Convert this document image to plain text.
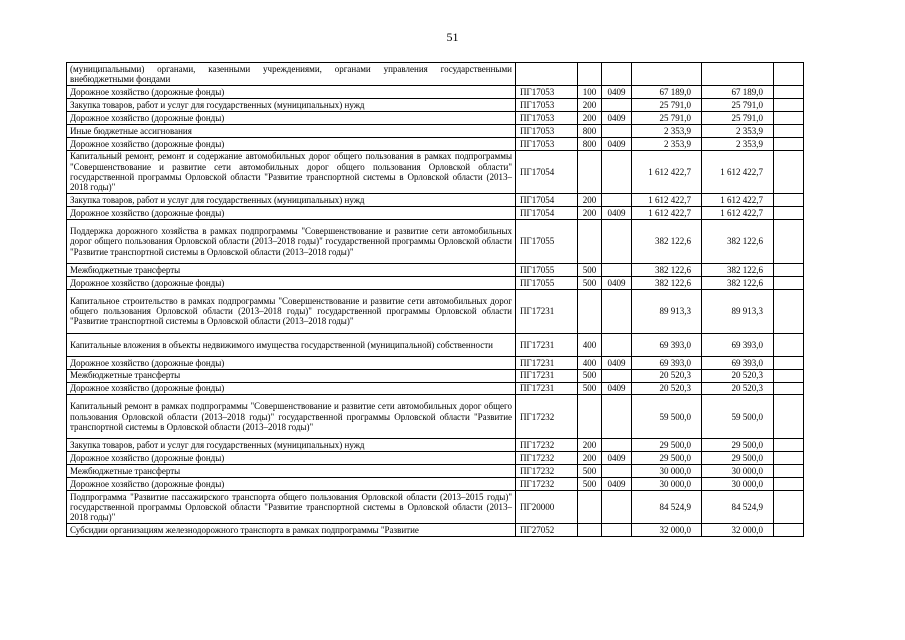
51
(муниципальными) органами, казенными учреждениями, органами управления государственными внебюджетными фондами						
Дорожное хозяйство (дорожные фонды)	ПГ17053	100	0409	67 189,0	67 189,0	
Закупка товаров, работ и услуг для государственных (муниципальных) нужд	ПГ17053	200		25 791,0	25 791,0	
Дорожное хозяйство (дорожные фонды)	ПГ17053	200	0409	25 791,0	25 791,0	
Иные бюджетные ассигнования	ПГ17053	800		2 353,9	2 353,9	
Дорожное хозяйство (дорожные фонды)	ПГ17053	800	0409	2 353,9	2 353,9	
Капитальный ремонт, ремонт и содержание автомобильных дорог общего пользования в рамках подпрограммы "Совершенствование и развитие сети автомобильных дорог общего пользования Орловской области" государственной программы Орловской области "Развитие транспортной системы в Орловской области (2013–2018 годы)"	ПГ17054			1 612 422,7	1 612 422,7	
Закупка товаров, работ и услуг для государственных (муниципальных) нужд	ПГ17054	200		1 612 422,7	1 612 422,7	
Дорожное хозяйство (дорожные фонды)	ПГ17054	200	0409	1 612 422,7	1 612 422,7	
Поддержка дорожного хозяйства в рамках подпрограммы "Совершенствование и развитие сети автомобильных дорог общего пользования Орловской области (2013–2018 годы)" государственной программы Орловской области "Развитие транспортной системы в Орловской области (2013–2018 годы)"	ПГ17055			382 122,6	382 122,6	
Межбюджетные трансферты	ПГ17055	500		382 122,6	382 122,6	
Дорожное хозяйство (дорожные фонды)	ПГ17055	500	0409	382 122,6	382 122,6	
Капитальное строительство в рамках подпрограммы "Совершенствование и развитие сети автомобильных дорог общего пользования Орловской области (2013–2018 годы)" государственной программы Орловской области "Развитие транспортной системы в Орловской области (2013–2018 годы)"	ПГ17231			89 913,3	89 913,3	
Капитальные вложения в объекты недвижимого имущества государственной (муниципальной) собственности	ПГ17231	400		69 393,0	69 393,0	
Дорожное хозяйство (дорожные фонды)	ПГ17231	400	0409	69 393,0	69 393,0	
Межбюджетные трансферты	ПГ17231	500		20 520,3	20 520,3	
Дорожное хозяйство (дорожные фонды)	ПГ17231	500	0409	20 520,3	20 520,3	
Капитальный ремонт в рамках подпрограммы "Совершенствование и развитие сети автомобильных дорог общего пользования Орловской области (2013–2018 годы)" государственной программы Орловской области "Развитие транспортной системы в Орловской области (2013–2018 годы)"	ПГ17232			59 500,0	59 500,0	
Закупка товаров, работ и услуг для государственных (муниципальных) нужд	ПГ17232	200		29 500,0	29 500,0	
Дорожное хозяйство (дорожные фонды)	ПГ17232	200	0409	29 500,0	29 500,0	
Межбюджетные трансферты	ПГ17232	500		30 000,0	30 000,0	
Дорожное хозяйство (дорожные фонды)	ПГ17232	500	0409	30 000,0	30 000,0	
Подпрограмма "Развитие пассажирского транспорта общего пользования Орловской области (2013–2015 годы)" государственной программы Орловской области "Развитие транспортной системы в Орловской области (2013–2018 годы)"	ПГ20000			84 524,9	84 524,9	
Субсидии организациям железнодорожного транспорта в рамках подпрограммы "Развитие	ПГ27052			32 000,0	32 000,0	
